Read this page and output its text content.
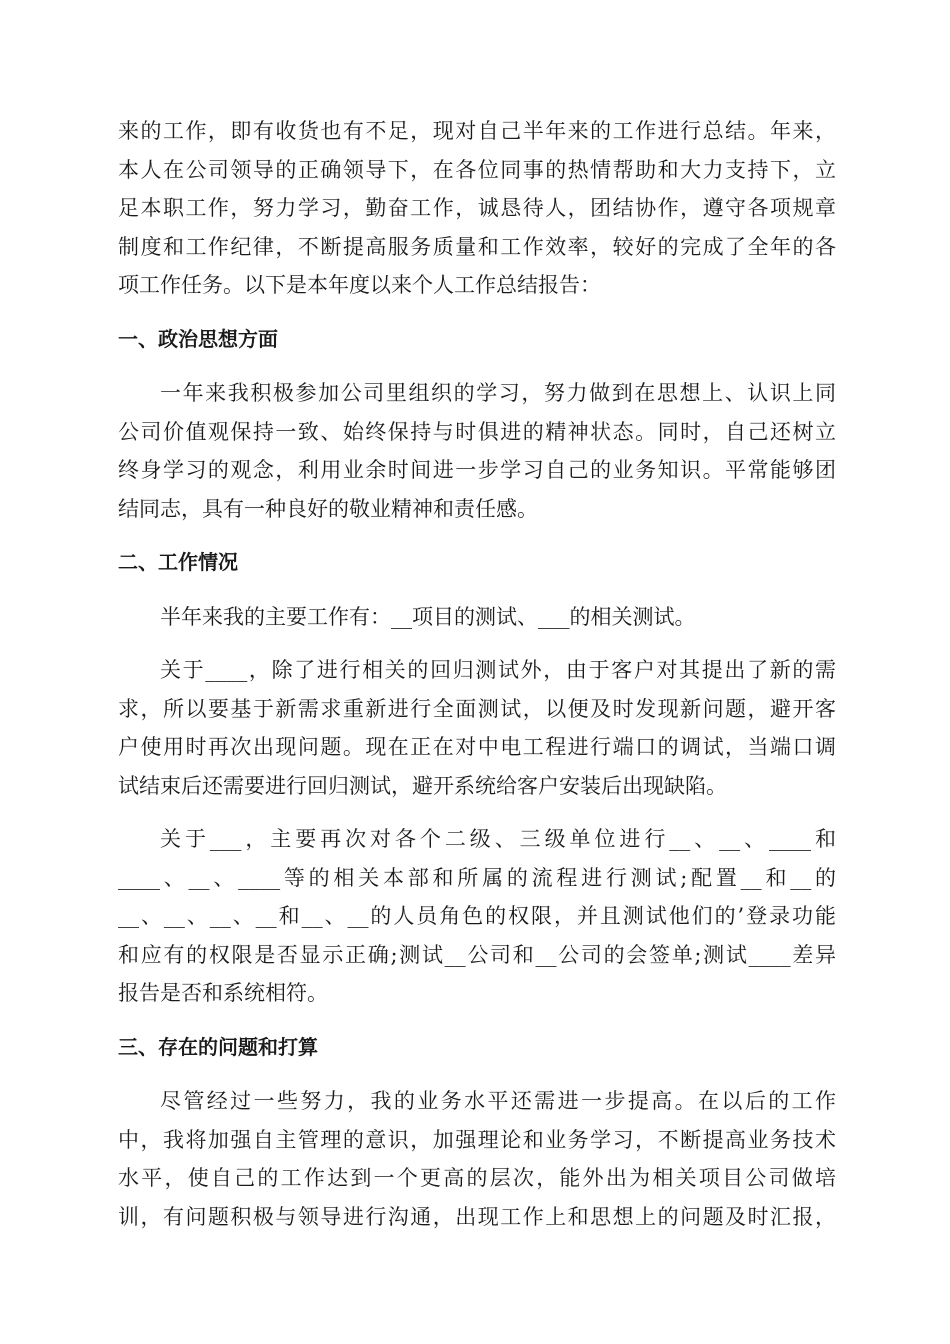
来的工作，即有收货也有不足，现对自己半年来的工作进行总结。年来，
本人在公司领导的正确领导下，在各位同事的热情帮助和大力支持下，立
足本职工作，努力学习，勤奋工作，诚恳待人，团结协作，遵守各项规章
制度和工作纪律，不断提高服务质量和工作效率，较好的完成了全年的各
项工作任务。以下是本年度以来个人工作总结报告：

一、政治思想方面

一年来我积极参加公司里组织的学习，努力做到在思想上、认识上同
公司价值观保持一致、始终保持与时俱进的精神状态。同时，自己还树立
终身学习的观念，利用业余时间进一步学习自己的业务知识。平常能够团
结同志，具有一种良好的敬业精神和责任感。

二、工作情况

半年来我的主要工作有：__项目的测试、___的相关测试。

关于____，除了进行相关的回归测试外，由于客户对其提出了新的需
求，所以要基于新需求重新进行全面测试，以便及时发现新问题，避开客
户使用时再次出现问题。现在正在对中电工程进行端口的调试，当端口调
试结束后还需要进行回归测试，避开系统给客户安装后出现缺陷。

关于___，主要再次对各个二级、三级单位进行__、__、____和
____、__、____等的相关本部和所属的流程进行测试;配置__和__的
__、__、__、__和__、__的人员角色的权限，并且测试他们的’登录功能
和应有的权限是否显示正确;测试__公司和__公司的会签单;测试____差异
报告是否和系统相符。

三、存在的问题和打算

尽管经过一些努力，我的业务水平还需进一步提高。在以后的工作
中，我将加强自主管理的意识，加强理论和业务学习，不断提高业务技术
水平，使自己的工作达到一个更高的层次，能外出为相关项目公司做培
训，有问题积极与领导进行沟通，出现工作上和思想上的问题及时汇报，
